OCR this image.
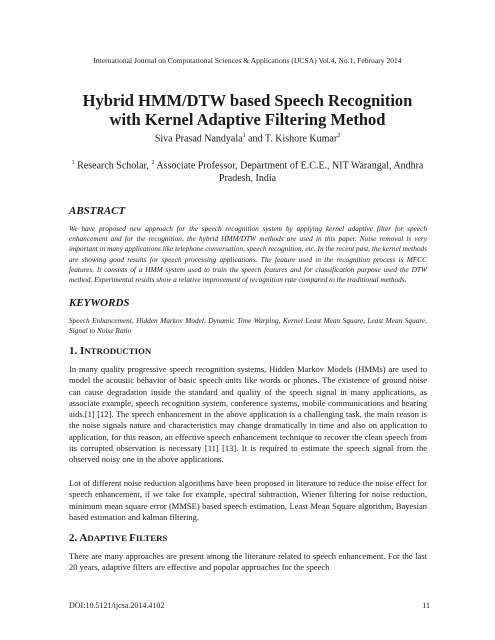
International Journal on Computational Sciences & Applications (IJCSA) Vol.4, No.1, February 2014
Hybrid HMM/DTW based Speech Recognition
with Kernel Adaptive Filtering Method
Siva Prasad Nandyala$^1$ and T. Kishore Kumar$^2$
$^1$ Research Scholar, $^2$ Associate Professor, Department of E.C.E., NIT Warangal, Andhra Pradesh, India
ABSTRACT
We have proposed new approach for the speech recognition system by applying kernel adaptive filter for speech enhancement and for the recognition, the hybrid HMM/DTW methods are used in this paper. Noise removal is very important in many applications like telephone conversation, speech recognition, etc. In the recent past, the kernel methods are showing good results for speech processing applications. The feature used in the recognition process is MFCC features. It consists of a HMM system used to train the speech features and for classification purpose used the DTW method. Experimental results show a relative improvement of recognition rate compared to the traditional methods.
KEYWORDS
Speech Enhancement, Hidden Markov Model, Dynamic Time Warping, Kernel Least Mean Square, Least Mean Square, Signal to Noise Ratio
1. INTRODUCTION
In many quality progressive speech recognition systems, Hidden Markov Models (HMMs) are used to model the acoustic behavior of basic speech units like words or phones. The existence of ground noise can cause degradation inside the standard and quality of the speech signal in many applications, as associate example, speech recognition system, conference systems, mobile communications and hearing aids.[1] [12]. The speech enhancement in the above application is a challenging task, the main reason is the noise signals nature and characteristics may change dramatically in time and also on application to application, for this reason, an effective speech enhancement technique to recover the clean speech from its corrupted observation is necessary [11] [13]. It is required to estimate the speech signal from the observed noisy one in the above applications.
Lot of different noise reduction algorithms have been proposed in literature to reduce the noise effect for speech enhancement, if we take for example, spectral subtraction, Wiener filtering for noise reduction, minimum mean square error (MMSE) based speech estimation, Least Mean Square algorithm, Bayesian based estimation and kalman filtering.
2. ADAPTIVE FILTERS
There are many approaches are present among the literature related to speech enhancement. For the last 20 years, adaptive filters are effective and popular approaches for the speech
DOI:10.5121/ijcsa.2014.4102	11
